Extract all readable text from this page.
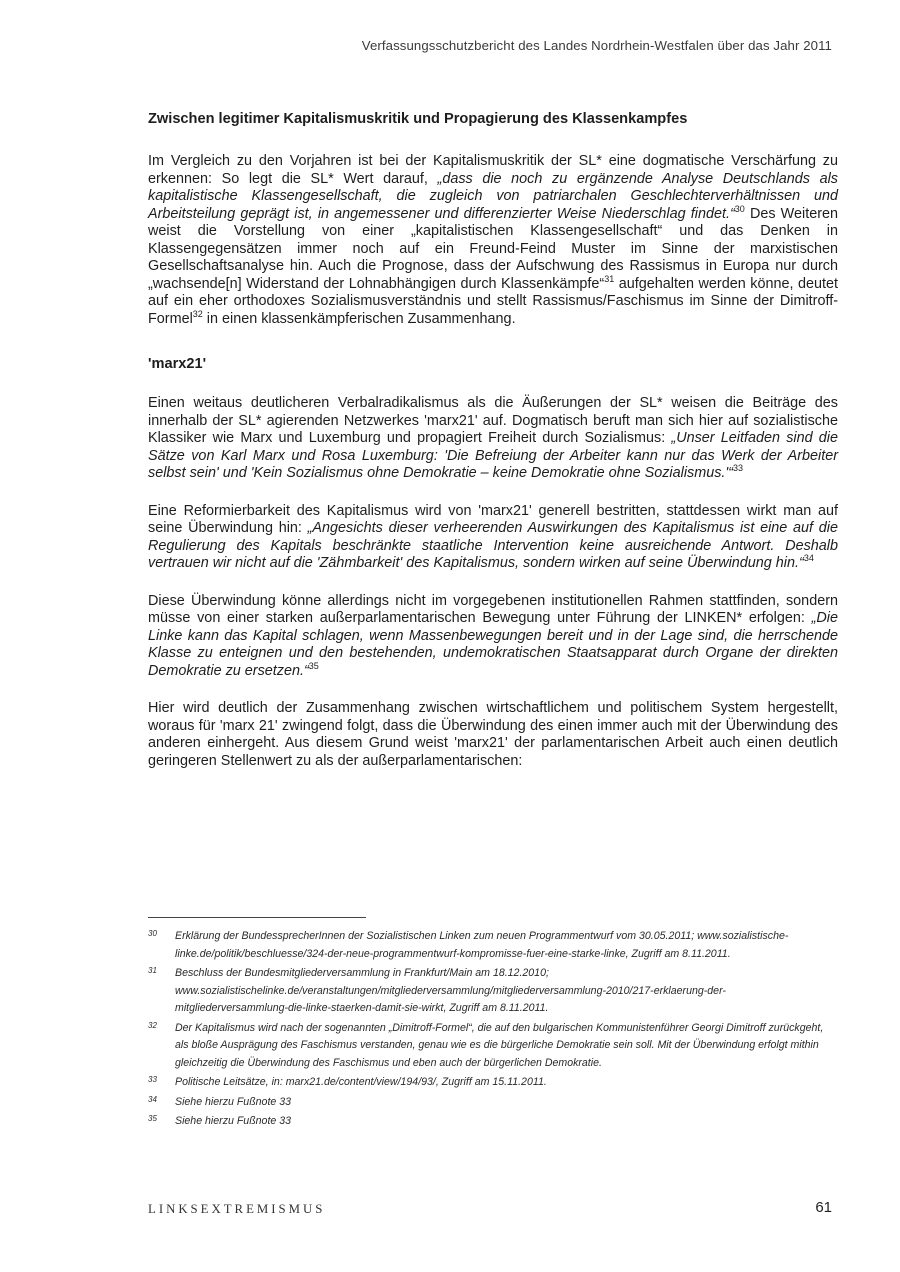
Verfassungsschutzbericht des Landes Nordrhein-Westfalen über das Jahr 2011
Zwischen legitimer Kapitalismuskritik und Propagierung des Klassenkampfes

Im Vergleich zu den Vorjahren ist bei der Kapitalismuskritik der SL* eine dogmatische Verschärfung zu erkennen: So legt die SL* Wert darauf, „dass die noch zu ergänzende Analyse Deutschlands als kapitalistische Klassengesellschaft, die zugleich von patriarchalen Geschlechterverhältnissen und Arbeitsteilung geprägt ist, in angemessener und differenzierter Weise Niederschlag findet.“$^{30}$ Des Weiteren weist die Vorstellung von einer „kapitalistischen Klassengesellschaft“ und das Denken in Klassengegensätzen immer noch auf ein Freund-Feind Muster im Sinne der marxistischen Gesellschaftsanalyse hin. Auch die Prognose, dass der Aufschwung des Rassismus in Europa nur durch „wachsende[n] Widerstand der Lohnabhängigen durch Klassenkämpfe“$^{31}$ aufgehalten werden könne, deutet auf ein eher orthodoxes Sozialismusverständnis und stellt Rassismus/Faschismus im Sinne der Dimitroff-Formel$^{32}$ in einen klassenkämpferischen Zusammenhang.

'marx21'

Einen weitaus deutlicheren Verbalradikalismus als die Äußerungen der SL* weisen die Beiträge des innerhalb der SL* agierenden Netzwerkes 'marx21' auf. Dogmatisch beruft man sich hier auf sozialistische Klassiker wie Marx und Luxemburg und propagiert Freiheit durch Sozialismus: „Unser Leitfaden sind die Sätze von Karl Marx und Rosa Luxemburg: 'Die Befreiung der Arbeiter kann nur das Werk der Arbeiter selbst sein' und 'Kein Sozialismus ohne Demokratie – keine Demokratie ohne Sozialismus.'“$^{33}$

Eine Reformierbarkeit des Kapitalismus wird von 'marx21' generell bestritten, stattdessen wirkt man auf seine Überwindung hin: „Angesichts dieser verheerenden Auswirkungen des Kapitalismus ist eine auf die Regulierung des Kapitals beschränkte staatliche Intervention keine ausreichende Antwort. Deshalb vertrauen wir nicht auf die 'Zähmbarkeit' des Kapitalismus, sondern wirken auf seine Überwindung hin.“$^{34}$

Diese Überwindung könne allerdings nicht im vorgegebenen institutionellen Rahmen stattfinden, sondern müsse von einer starken außerparlamentarischen Bewegung unter Führung der LINKEN* erfolgen: „Die Linke kann das Kapital schlagen, wenn Massenbewegungen bereit und in der Lage sind, die herrschende Klasse zu enteignen und den bestehenden, undemokratischen Staatsapparat durch Organe der direkten Demokratie zu ersetzen.“$^{35}$

Hier wird deutlich der Zusammenhang zwischen wirtschaftlichem und politischem System hergestellt, woraus für 'marx 21' zwingend folgt, dass die Überwindung des einen immer auch mit der Überwindung des anderen einhergeht. Aus diesem Grund weist 'marx21' der parlamentarischen Arbeit auch einen deutlich geringeren Stellenwert zu als der außerparlamentarischen:

30	Erklärung der BundessprecherInnen der Sozialistischen Linken zum neuen Programmentwurf vom 30.05.2011; www.sozialistische-linke.de/politik/beschluesse/324-der-neue-programmentwurf-kompromisse-fuer-eine-starke-linke, Zugriff am 8.11.2011.
31	Beschluss der Bundesmitgliederversammlung in Frankfurt/Main am 18.12.2010; www.sozialistischelinke.de/veranstaltungen/mitgliederversammlung/mitgliederversammlung-2010/217-erklaerung-der-mitgliederversammlung-die-linke-staerken-damit-sie-wirkt, Zugriff am 8.11.2011.
32	Der Kapitalismus wird nach der sogenannten „Dimitroff-Formel“, die auf den bulgarischen Kommunistenführer Georgi Dimitroff zurückgeht, als bloße Ausprägung des Faschismus verstanden, genau wie es die bürgerliche Demokratie sein soll. Mit der Überwindung erfolgt mithin gleichzeitig die Überwindung des Faschismus und eben auch der bürgerlichen Demokratie.
33	Politische Leitsätze, in: marx21.de/content/view/194/93/, Zugriff am 15.11.2011.
34	Siehe hierzu Fußnote 33
35	Siehe hierzu Fußnote 33
LINKSEXTREMISMUS	61
